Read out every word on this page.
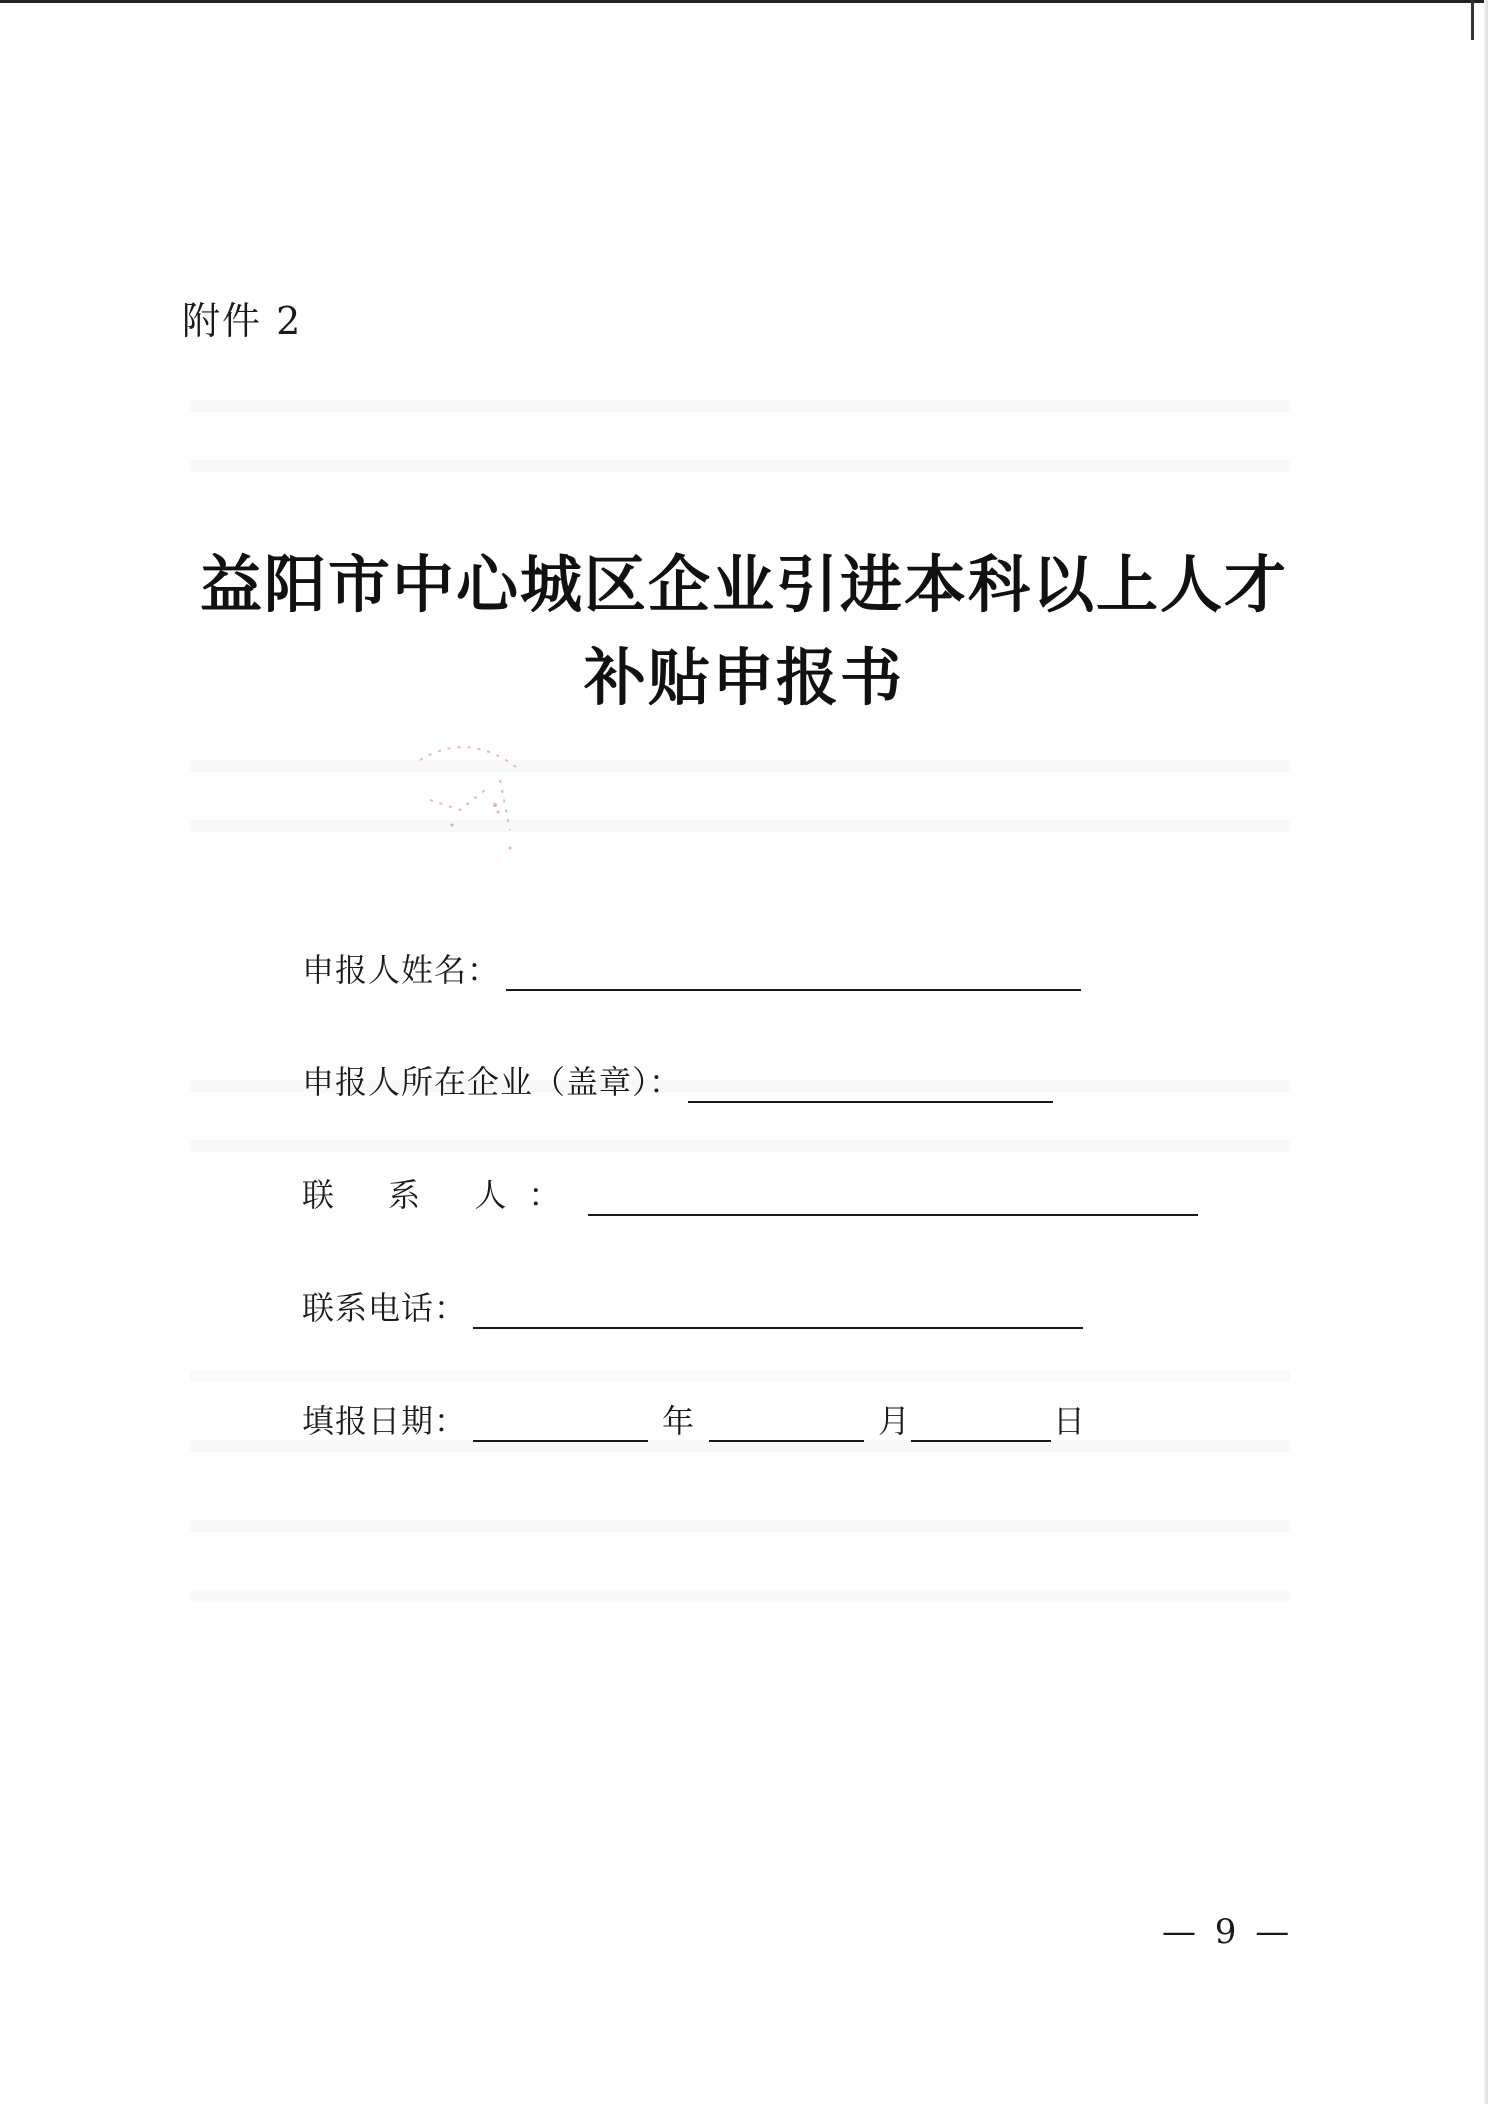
附件 2
益阳市中心城区企业引进本科以上人才
补贴申报书
申报人姓名：
申报人所在企业（盖章）：
联 系 人：
联系电话：
填报日期：	年	月	日
— 9 —
